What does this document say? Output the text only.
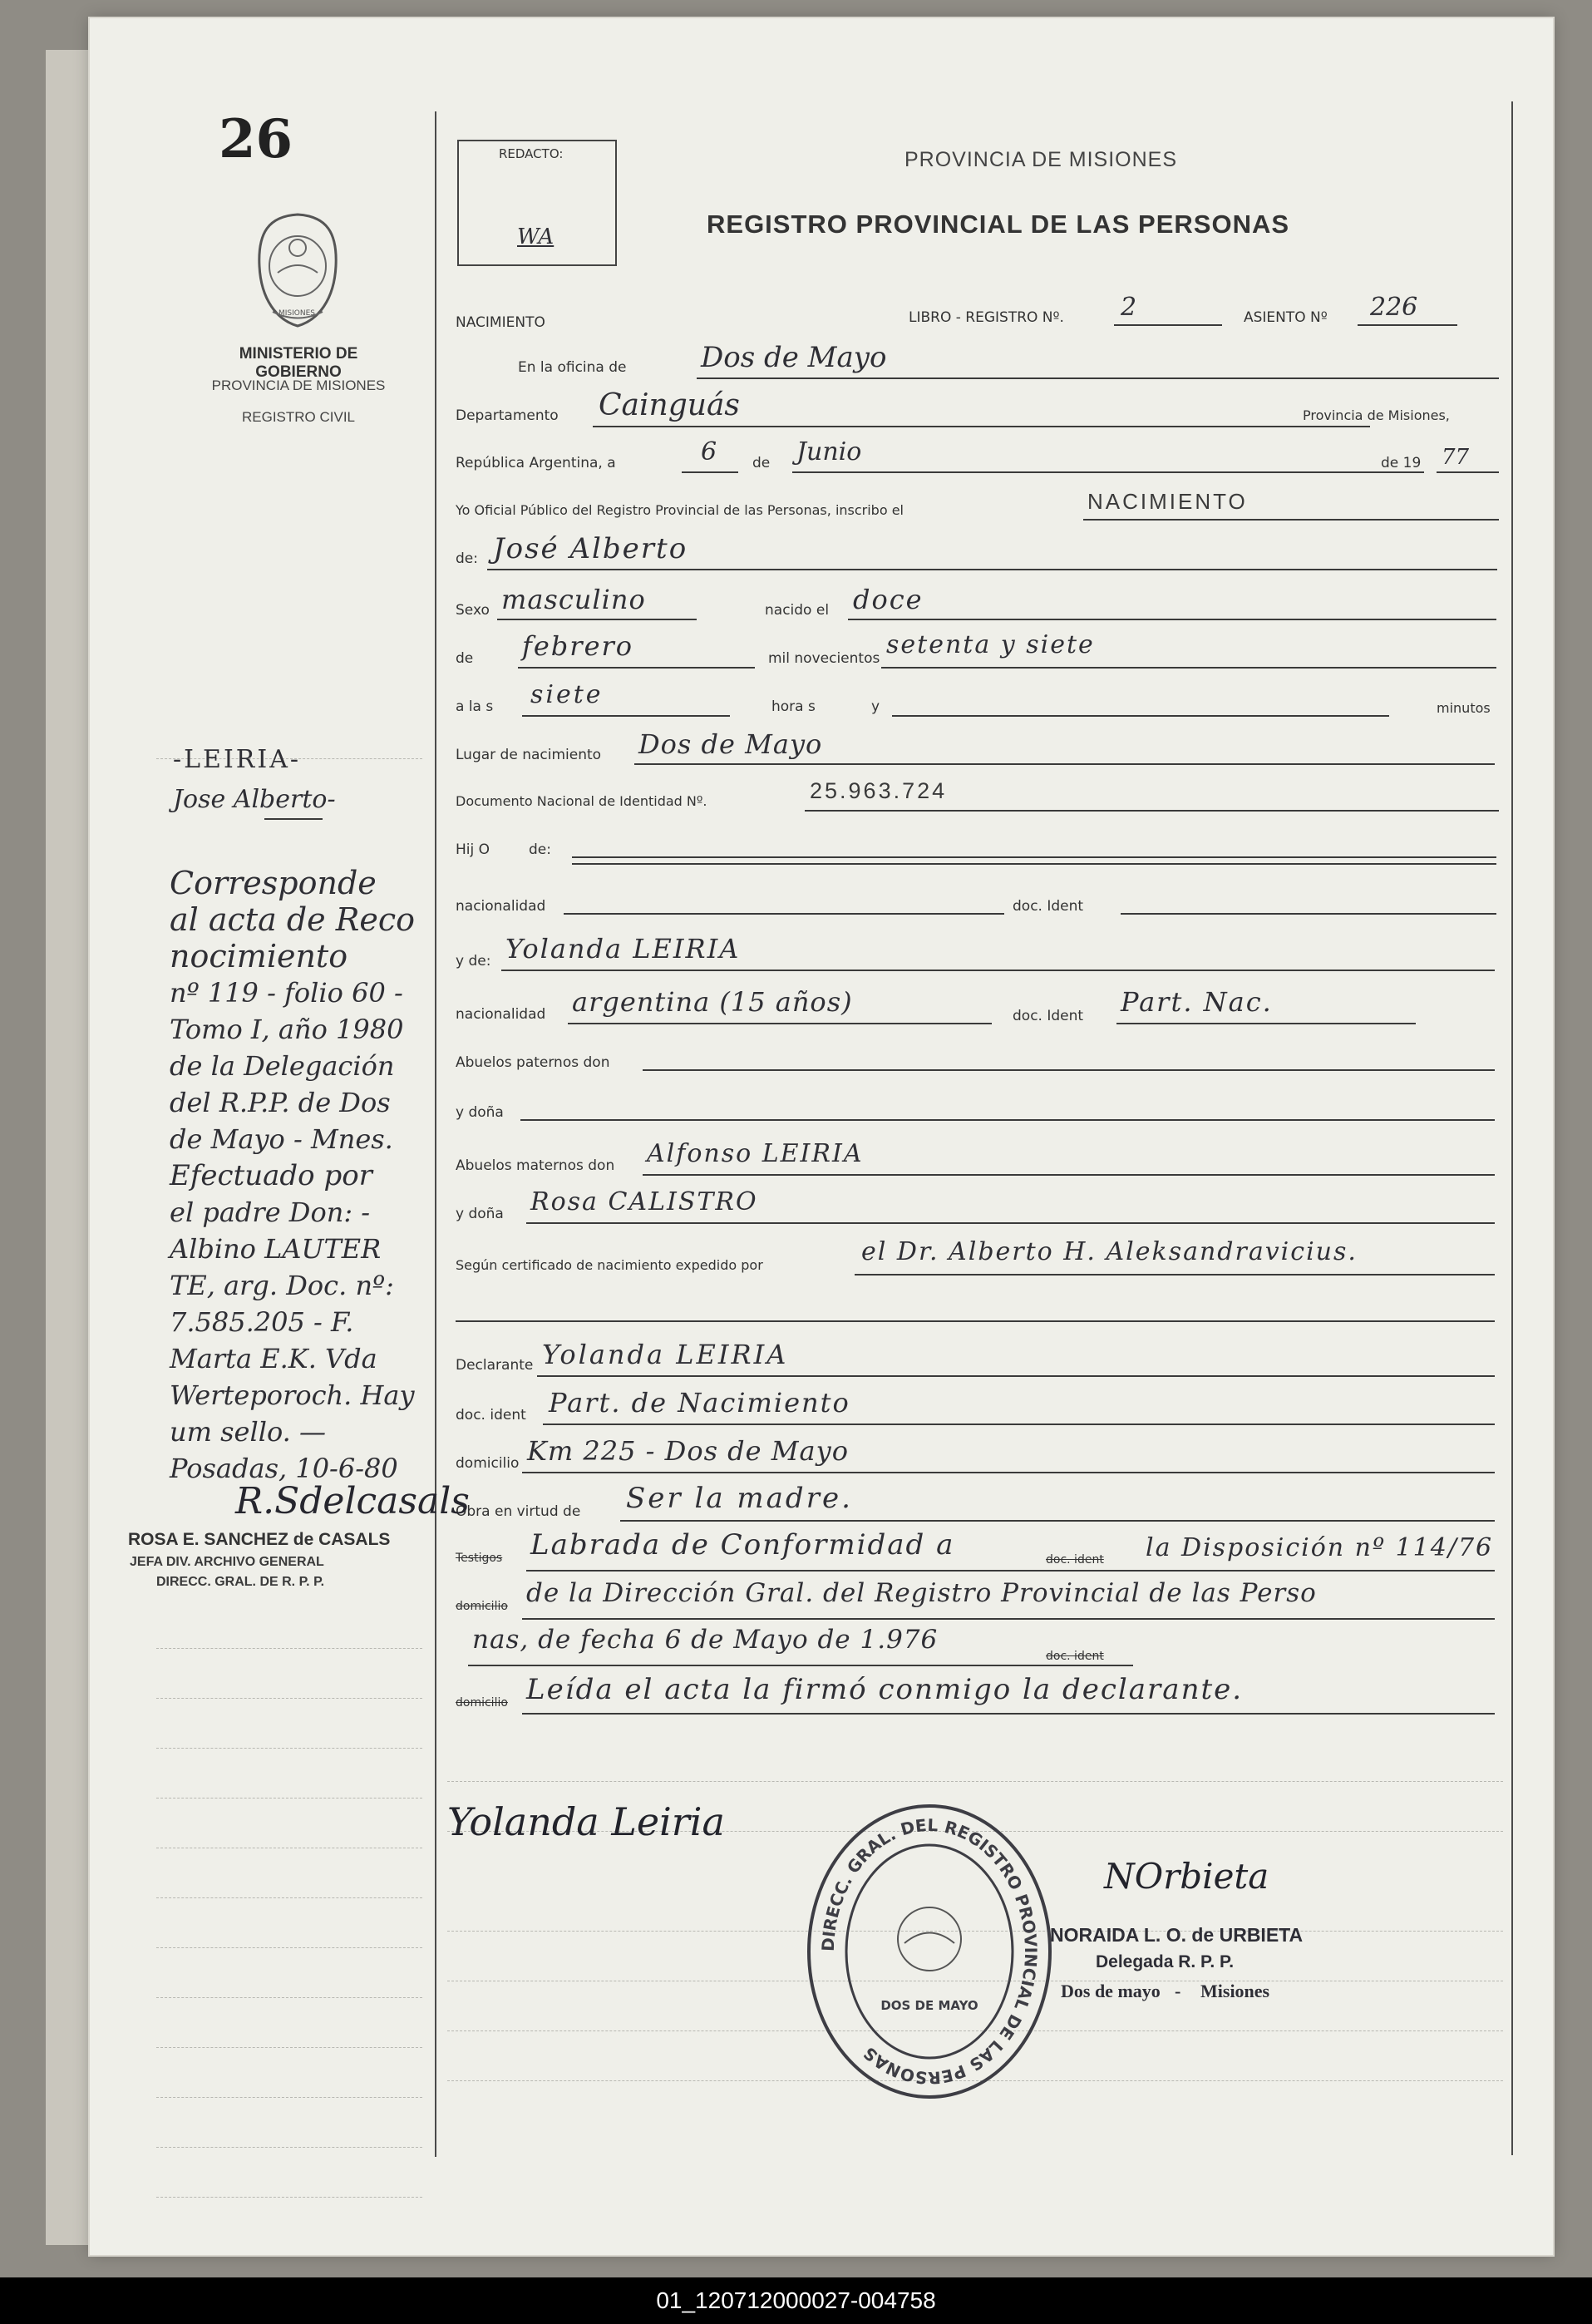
26
MISIONES
MINISTERIO DE GOBIERNO
PROVINCIA DE MISIONES
REGISTRO CIVIL
REDACTO:
WA
PROVINCIA DE MISIONES
REGISTRO PROVINCIAL DE LAS PERSONAS
NACIMIENTO	LIBRO - REGISTRO Nº. 2	ASIENTO Nº 226
En la oficina de	Dos de Mayo
Departamento Cainguás	Provincia de Misiones,
República Argentina, a	6	de Junio	de 19 77
Yo Oficial Público del Registro Provincial de las Personas, inscribo el	NACIMIENTO
de: José Alberto
Sexo masculino	nacido el doce
de febrero	mil novecientos setenta y siete
a la s siete	hora s	y	minutos
Lugar de nacimiento Dos de Mayo
Documento Nacional de Identidad Nº.	25.963.724
Hij O	de:
nacionalidad	doc. Ident
y de: Yolanda LEIRIA
nacionalidad argentina (15 años)	doc. Ident Part. Nac.
Abuelos paternos don
y doña
Abuelos maternos don Alfonso LEIRIA
y doña Rosa CALISTRO
Según certificado de nacimiento expedido por	el Dr. Alberto H. Aleksandravicius.
Declarante Yolanda LEIRIA
doc. ident Part. de Nacimiento
domicilio Km 225 - Dos de Mayo
Obra en virtud de Ser la madre.
Testigos Labrada de Conformidad a	doc. ident la Disposición nº 114/76
domicilio de la Dirección Gral. del Registro Provincial de las Perso
nas, de fecha 6 de Mayo de 1.976
doc. ident
domicilio Leída el acta la firmó conmigo la declarante.
Yolanda Leiria
DIRECC. GRAL. DEL REGISTRO PROVINCIAL DE LAS PERSONAS
DOS DE MAYO
NOrbieta
NORAIDA L. O. de URBIETA
Delegada R. P. P.
Dos de mayo - Misiones
-LEIRIA-
Jose Alberto-
Corresponde
al acta de Reco
nocimiento
nº 119 - folio 60 -
Tomo I, año 1980
de la Delegación
del R.P.P. de Dos
de Mayo - Mnes.
Efectuado por
el padre Don: -
Albino LAUTER
TE, arg. Doc. nº:
7.585.205 - F.
Marta E.K. Vda
Werteporoch. Hay
um sello. —
Posadas, 10-6-80
R.Sdelcasals
ROSA E. SANCHEZ de CASALS
JEFA DIV. ARCHIVO GENERAL
DIRECC. GRAL. DE R. P. P.
01_120712000027-004758
